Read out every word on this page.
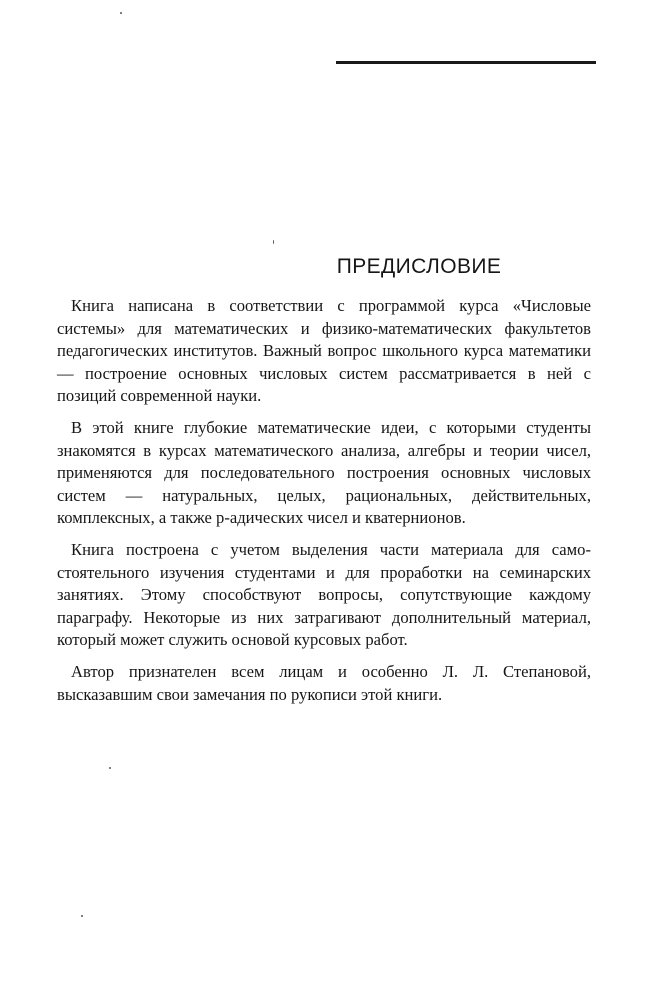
ПРЕДИСЛОВИЕ

Книга написана в соответствии с программой курса «Числовые системы» для математических и физико-математических факультетов педагогических институтов. Важный вопрос школьного курса математики — построение основных числовых систем рассматривается в ней с позиций современной науки.

В этой книге глубокие математические идеи, с которыми студенты знакомятся в курсах математического анализа, алгебры и теории чисел, применяются для последовательного построения основных числовых систем — натуральных, целых, рациональных, действительных, комплексных, а также p-адических чисел и кватернионов.

Книга построена с учетом выделения части материала для самостоятельного изучения студентами и для проработки на семинарских занятиях. Этому способствуют вопросы, сопутствующие каждому параграфу. Некоторые из них затрагивают дополнительный материал, который может служить основой курсовых работ.

Автор признателен всем лицам и особенно Л. Л. Степановой, высказавшим свои замечания по рукописи этой книги.
